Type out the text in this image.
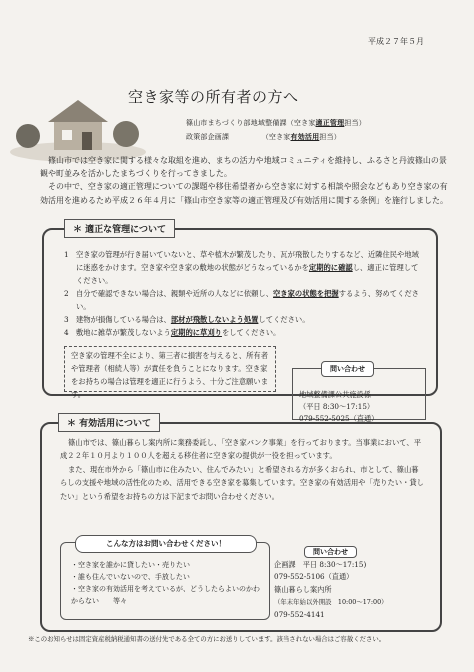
平成２７年５月
空き家等の所有者の方へ
篠山市まちづくり部地域整備課（空き家適正管理担当）
政策部企画課　　　　　（空き家有効活用担当）

篠山市では空き家に関する様々な取組を進め、まちの活力や地域コミュニティを維持し、ふるさと丹波篠山の景観や町並みを活かしたまちづくりを行ってきました。

その中で、空き家の適正管理についての課題や移住希望者から空き家に対する相談や照会などもあり空き家の有効活用を進めるため平成２６年４月に「篠山市空き家等の適正管理及び有効活用に関する条例」を施行しました。

1	空き家の管理が行き届いていないと、草や植木が繁茂したり、瓦が飛散したりするなど、近隣住民や地域に迷惑をかけます。空き家や空き家の敷地の状態がどうなっているかを定期的に確認し、適正に管理してください。
2	自分で確認できない場合は、親類や近所の人などに依頼し、空き家の状態を把握するよう、努めてください。
3	建物が損傷している場合は、部材が飛散しないよう処置してください。
4	敷地に雑草が繁茂しないよう定期的に草刈りをしてください。
＊ 適正な管理について
空き家の管理不全により、第三者に損害を与えると、所有者や管理者（相続人等）が責任を負うことになります。空き家をお持ちの場合は管理を適正に行うよう、十分ご注意願います。
問い合わせ
地域整備課公共施設係
（平日 8:30～17:15）
079-552-5025（直通）

篠山市では、篠山暮らし案内所に業務委託し、「空き家バンク事業」を行っております。当事業において、平成２２年１０月より１００人を超える移住者に空き家の提供が一役を担っています。

また、現在市外から「篠山市に住みたい、住んでみたい」と希望される方が多くおられ、市として、篠山暮らしの支援や地域の活性化のため、活用できる空き家を募集しています。空き家の有効活用や「売りたい・貸したい」という希望をお持ちの方は下記までお問い合わせください。

＊ 有効活用について
こんな方はお問い合わせください！
・空き家を誰かに貸したい・売りたい
・誰も住んでいないので、手放したい
・空き家の有効活用を考えているが、どうしたらよいのかわからない　　等々
問い合わせ
企画課　平日 8:30～17:15)
079-552-5106（直通）
篠山暮らし案内所
（年末年始以外開設　10:00～17:00）
079-552-4141
※このお知らせは固定資産税納税通知書の送付先である全ての方にお送りしています。該当されない場合はご容赦ください。
